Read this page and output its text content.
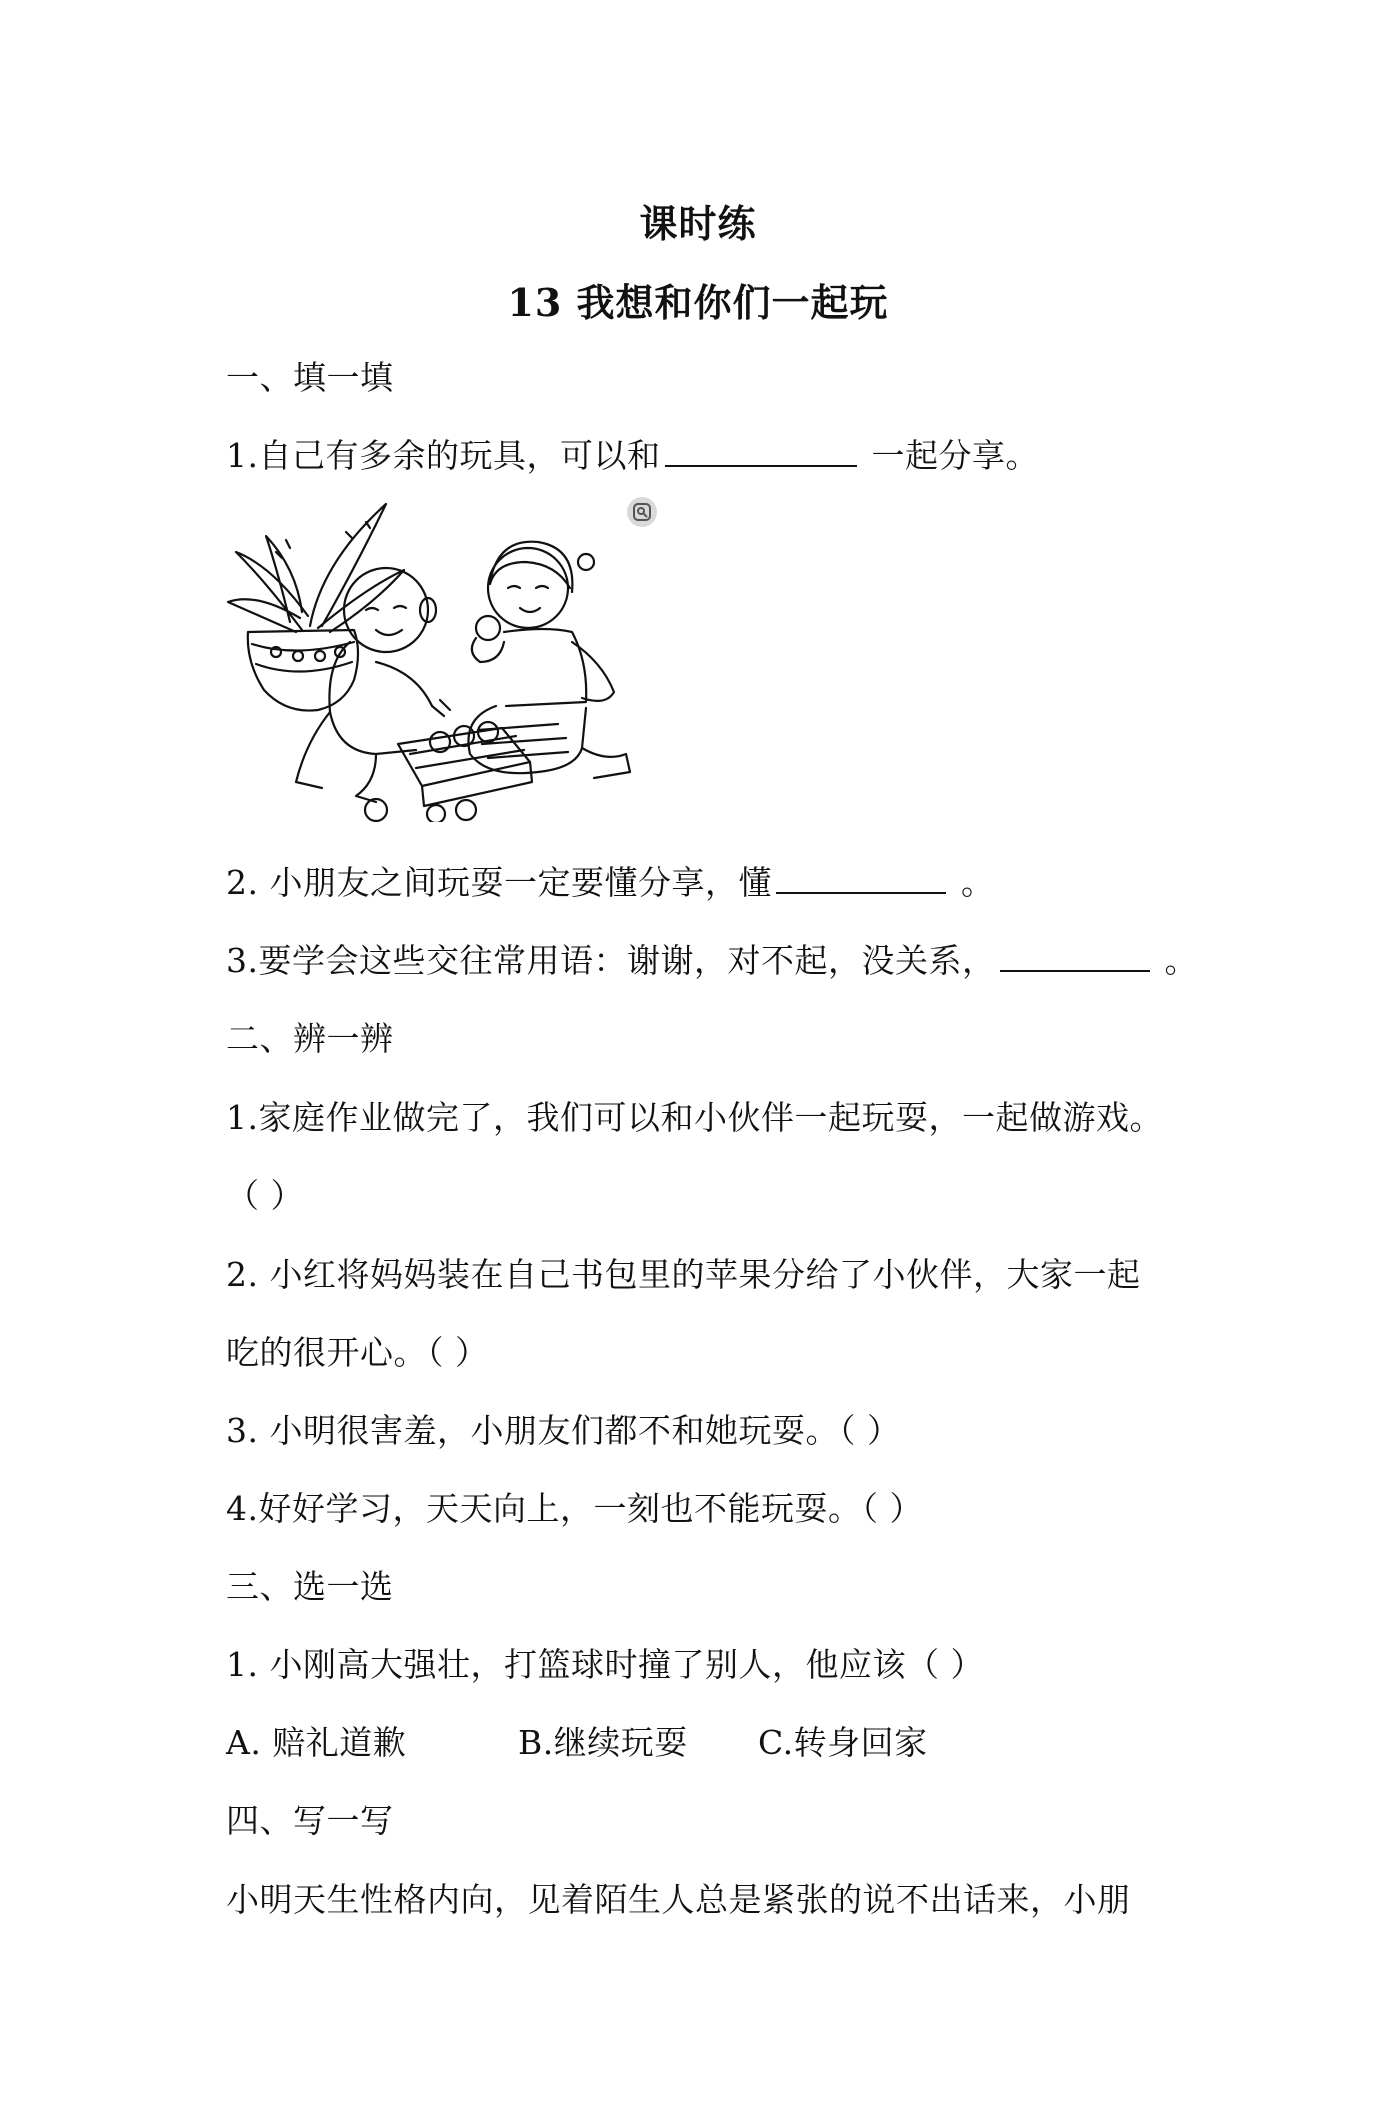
课时练
13 我想和你们一起玩
一、填一填
1.自己有多余的玩具，可以和	一起分享。
2. 小朋友之间玩耍一定要懂分享，懂	。
3.要学会这些交往常用语：谢谢，对不起，没关系，	。
二、辨一辨
1.家庭作业做完了，我们可以和小伙伴一起玩耍，一起做游戏。
（ ）
2. 小红将妈妈装在自己书包里的苹果分给了小伙伴，大家一起
吃的很开心。（ ）
3. 小明很害羞，小朋友们都不和她玩耍。（ ）
4.好好学习，天天向上，一刻也不能玩耍。（ ）
三、选一选
1. 小刚高大强壮，打篮球时撞了别人，他应该（ ）
A. 赔礼道歉	B.继续玩耍 C.转身回家
四、写一写
小明天生性格内向，见着陌生人总是紧张的说不出话来，小朋
